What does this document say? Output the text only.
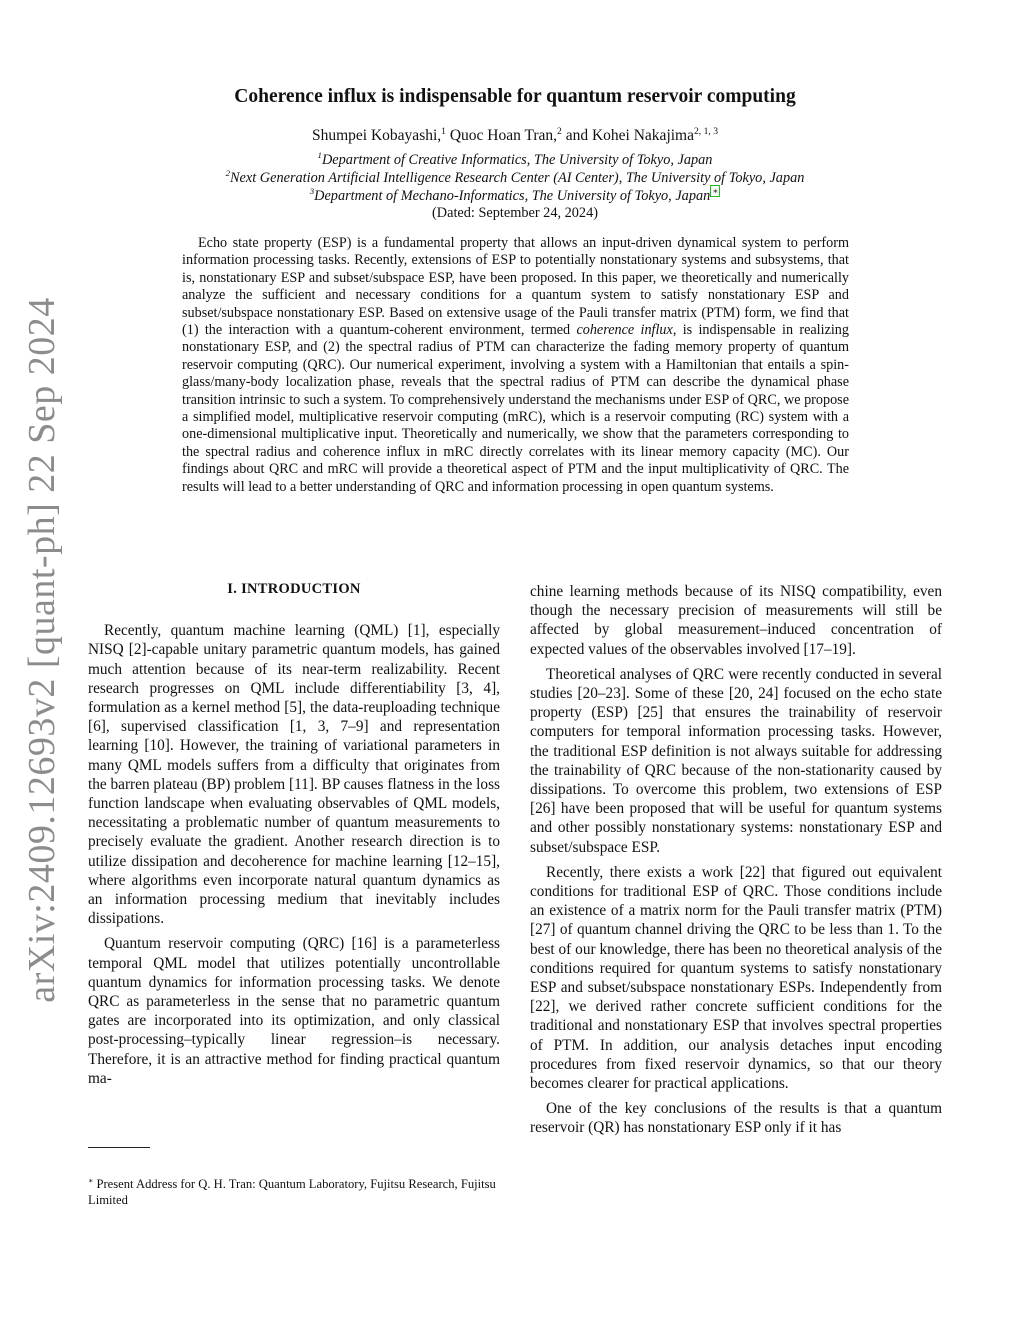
arXiv:2409.12693v2 [quant-ph] 22 Sep 2024
Coherence influx is indispensable for quantum reservoir computing
Shumpei Kobayashi,$^1$ Quoc Hoan Tran,$^2$ and Kohei Nakajima$^{2, 1, 3}$
$^1$Department of Creative Informatics, The University of Tokyo, Japan
$^2$Next Generation Artificial Intelligence Research Center (AI Center), The University of Tokyo, Japan
$^3$Department of Mechano-Informatics, The University of Tokyo, Japan ∗
(Dated: September 24, 2024)

Echo state property (ESP) is a fundamental property that allows an input-driven dynamical system to perform information processing tasks. Recently, extensions of ESP to potentially nonstationary systems and subsystems, that is, nonstationary ESP and subset/subspace ESP, have been proposed. In this paper, we theoretically and numerically analyze the sufficient and necessary conditions for a quantum system to satisfy nonstationary ESP and subset/subspace nonstationary ESP. Based on extensive usage of the Pauli transfer matrix (PTM) form, we find that (1) the interaction with a quantum-coherent environment, termed coherence influx, is indispensable in realizing nonstationary ESP, and (2) the spectral radius of PTM can characterize the fading memory property of quantum reservoir computing (QRC). Our numerical experiment, involving a system with a Hamiltonian that entails a spin-glass/many-body localization phase, reveals that the spectral radius of PTM can describe the dynamical phase transition intrinsic to such a system. To comprehensively understand the mechanisms under ESP of QRC, we propose a simplified model, multiplicative reservoir computing (mRC), which is a reservoir computing (RC) system with a one-dimensional multiplicative input. Theoretically and numerically, we show that the parameters corresponding to the spectral radius and coherence influx in mRC directly correlates with its linear memory capacity (MC). Our findings about QRC and mRC will provide a theoretical aspect of PTM and the input multiplicativity of QRC. The results will lead to a better understanding of QRC and information processing in open quantum systems.

I. INTRODUCTION

Recently, quantum machine learning (QML) [1], especially NISQ [2]-capable unitary parametric quantum models, has gained much attention because of its near-term realizability. Recent research progresses on QML include differentiability [3, 4], formulation as a kernel method [5], the data-reuploading technique [6], supervised classification [1, 3, 7–9] and representation learning [10]. However, the training of variational parameters in many QML models suffers from a difficulty that originates from the barren plateau (BP) problem [11]. BP causes flatness in the loss function landscape when evaluating observables of QML models, necessitating a problematic number of quantum measurements to precisely evaluate the gradient. Another research direction is to utilize dissipation and decoherence for machine learning [12–15], where algorithms even incorporate natural quantum dynamics as an information processing medium that inevitably includes dissipations.

Quantum reservoir computing (QRC) [16] is a parameterless temporal QML model that utilizes potentially uncontrollable quantum dynamics for information processing tasks. We denote QRC as parameterless in the sense that no parametric quantum gates are incorporated into its optimization, and only classical post-processing–typically linear regression–is necessary. Therefore, it is an attractive method for finding practical quantum ma-

chine learning methods because of its NISQ compatibility, even though the necessary precision of measurements will still be affected by global measurement–induced concentration of expected values of the observables involved [17–19].

Theoretical analyses of QRC were recently conducted in several studies [20–23]. Some of these [20, 24] focused on the echo state property (ESP) [25] that ensures the trainability of reservoir computers for temporal information processing tasks. However, the traditional ESP definition is not always suitable for addressing the trainability of QRC because of the non-stationarity caused by dissipations. To overcome this problem, two extensions of ESP [26] have been proposed that will be useful for quantum systems and other possibly nonstationary systems: nonstationary ESP and subset/subspace ESP.

Recently, there exists a work [22] that figured out equivalent conditions for traditional ESP of QRC. Those conditions include an existence of a matrix norm for the Pauli transfer matrix (PTM) [27] of quantum channel driving the QRC to be less than 1. To the best of our knowledge, there has been no theoretical analysis of the conditions required for quantum systems to satisfy nonstationary ESP and subset/subspace nonstationary ESPs. Independently from [22], we derived rather concrete sufficient conditions for the traditional and nonstationary ESP that involves spectral properties of PTM. In addition, our analysis detaches input encoding procedures from fixed reservoir dynamics, so that our theory becomes clearer for practical applications.

One of the key conclusions of the results is that a quantum reservoir (QR) has nonstationary ESP only if it has

∗ Present Address for Q. H. Tran: Quantum Laboratory, Fujitsu Research, Fujitsu Limited
